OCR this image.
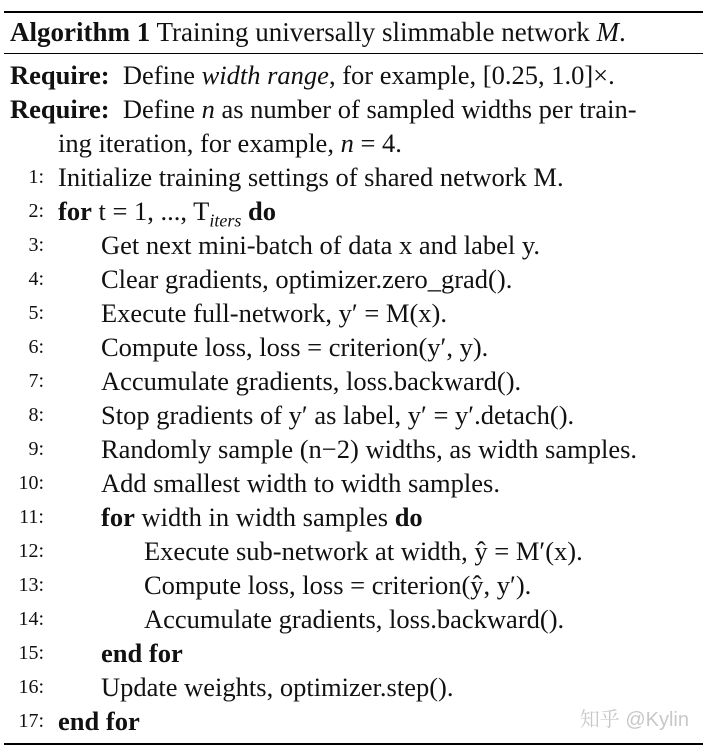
Algorithm 1 Training universally slimmable network M.
Require: Define width range, for example, [0.25, 1.0]×.
Require: Define n as number of sampled widths per train-
ing iteration, for example, n = 4.
1: Initialize training settings of shared network M.
2: for t = 1, ..., $T_{iters}$ do
3: Get next mini-batch of data x and label y.
4: Clear gradients, optimizer.zero_grad().
5: Execute full-network, y′ = M(x).
6: Compute loss, loss = criterion(y′, y).
7: Accumulate gradients, loss.backward().
8: Stop gradients of y′ as label, y′ = y′.detach().
9: Randomly sample (n−2) widths, as width samples.
10: Add smallest width to width samples.
11: for width in width samples do
12:	Execute sub-network at width, ŷ = M′(x).
13:	Compute loss, loss = criterion(ŷ, y′).
14:	Accumulate gradients, loss.backward().
15: end for
16: Update weights, optimizer.step().
17: end for	知乎 @Kylin
